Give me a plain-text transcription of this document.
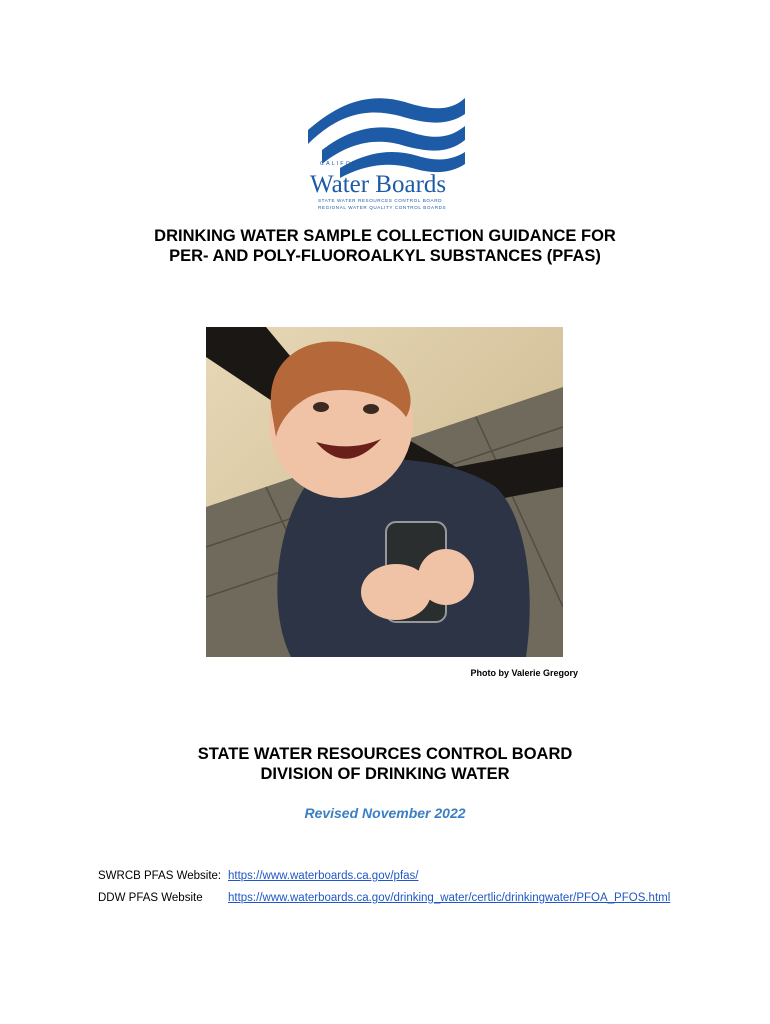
CALIFORNIA
Water Boards
STATE WATER RESOURCES CONTROL BOARD
REGIONAL WATER QUALITY CONTROL BOARDS
DRINKING WATER SAMPLE COLLECTION GUIDANCE FOR
PER- AND POLY-FLUOROALKYL SUBSTANCES (PFAS)
Photo by Valerie Gregory
STATE WATER RESOURCES CONTROL BOARD
DIVISION OF DRINKING WATER
Revised November 2022
SWRCB PFAS Website: https://www.waterboards.ca.gov/pfas/
DDW PFAS Website	https://www.waterboards.ca.gov/drinking_water/certlic/drinkingwater/PFOA_PFOS.html
